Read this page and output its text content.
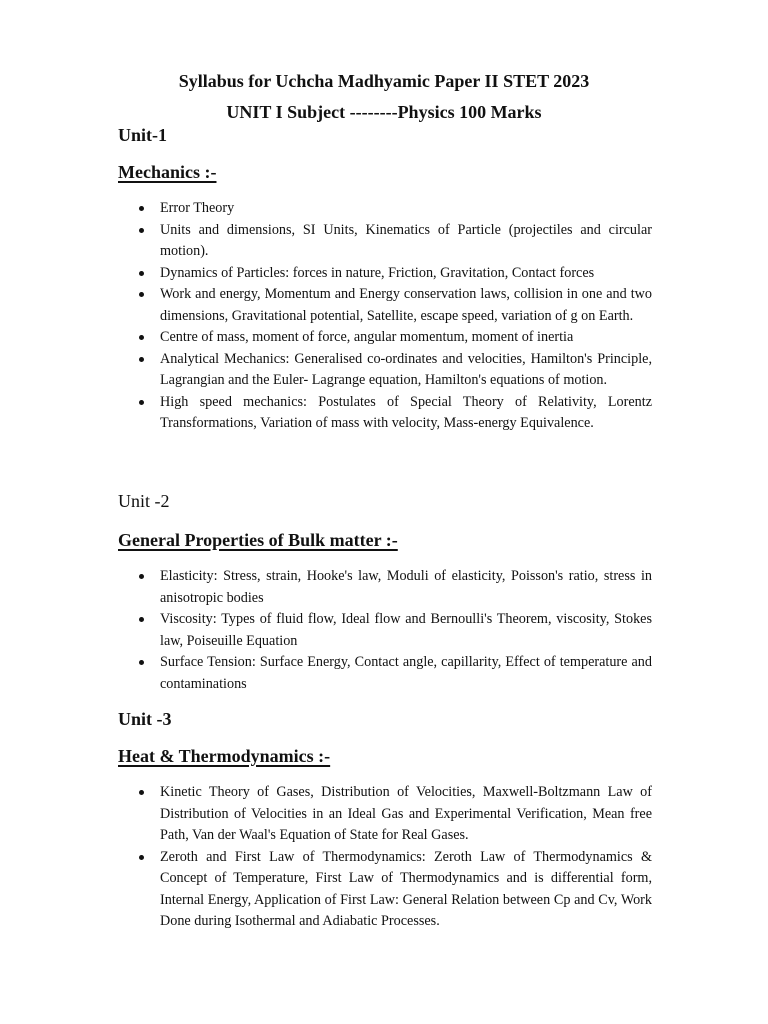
Syllabus for Uchcha Madhyamic Paper II STET 2023
UNIT I Subject --------Physics 100 Marks

Unit-1

Mechanics :-

Error Theory
Units and dimensions, SI Units, Kinematics of Particle (projectiles and circular motion).
Dynamics of Particles: forces in nature, Friction, Gravitation, Contact forces
Work and energy, Momentum and Energy conservation laws, collision in one and two dimensions, Gravitational potential, Satellite, escape speed, variation of g on Earth.
Centre of mass, moment of force, angular momentum, moment of inertia
Analytical Mechanics: Generalised co-ordinates and velocities, Hamilton's Principle, Lagrangian and the Euler- Lagrange equation, Hamilton's equations of motion.
High speed mechanics: Postulates of Special Theory of Relativity, Lorentz Transformations, Variation of mass with velocity, Mass-energy Equivalence.

Unit -2

General Properties of Bulk matter :-

Elasticity: Stress, strain, Hooke's law, Moduli of elasticity, Poisson's ratio, stress in anisotropic bodies
Viscosity: Types of fluid flow, Ideal flow and Bernoulli's Theorem, viscosity, Stokes law, Poiseuille Equation
Surface Tension: Surface Energy, Contact angle, capillarity, Effect of temperature and contaminations

Unit -3

Heat & Thermodynamics :-

Kinetic Theory of Gases, Distribution of Velocities, Maxwell-Boltzmann Law of Distribution of Velocities in an Ideal Gas and Experimental Verification, Mean free Path, Van der Waal's Equation of State for Real Gases.
Zeroth and First Law of Thermodynamics: Zeroth Law of Thermodynamics & Concept of Temperature, First Law of Thermodynamics and is differential form, Internal Energy, Application of First Law: General Relation between Cp and Cv, Work Done during Isothermal and Adiabatic Processes.
